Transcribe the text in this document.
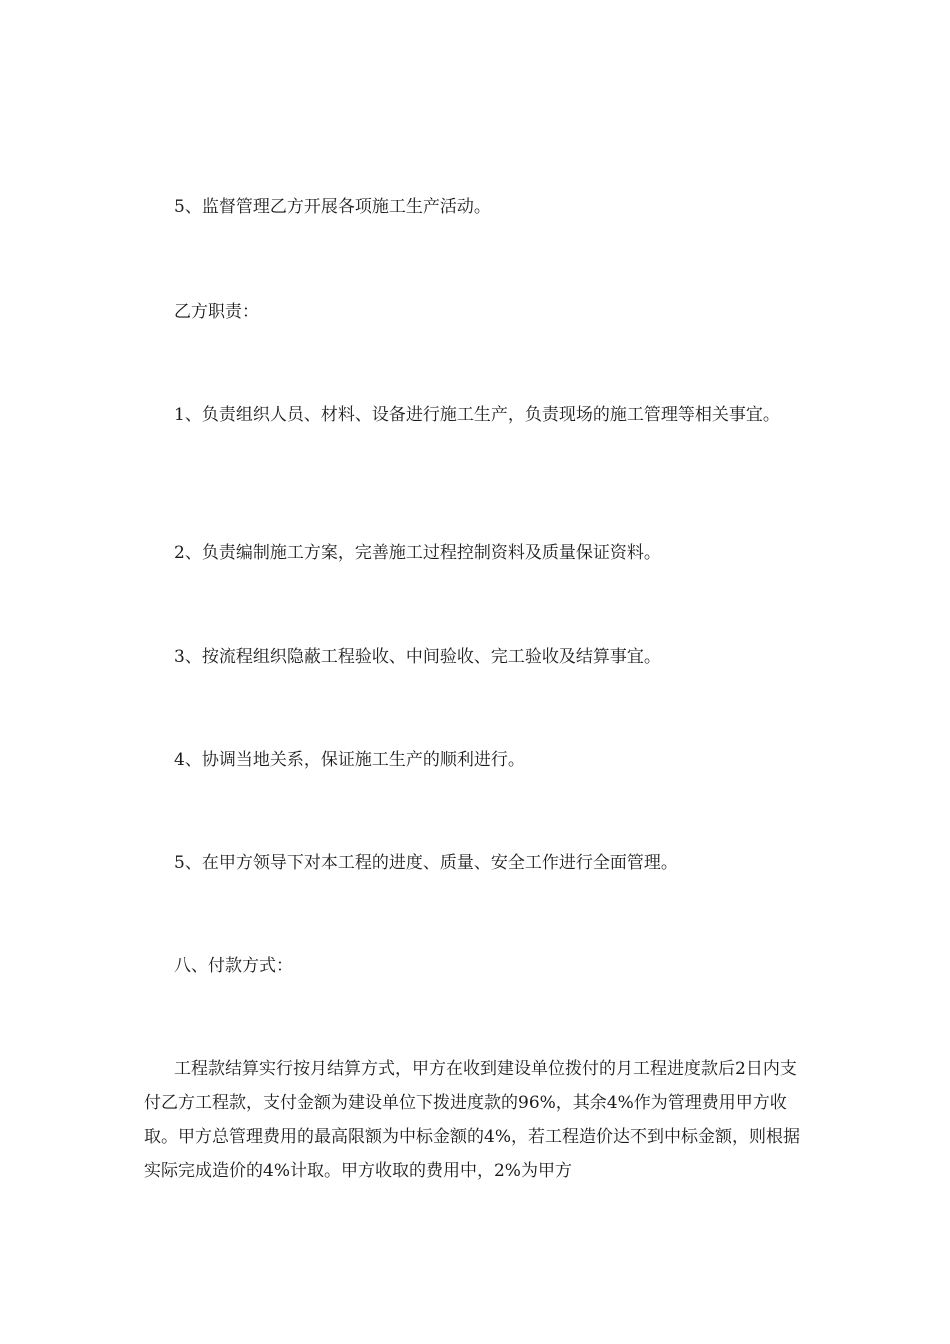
5、监督管理乙方开展各项施工生产活动。

乙方职责：

1、负责组织人员、材料、设备进行施工生产，负责现场的施工管理等相关事宜。

2、负责编制施工方案，完善施工过程控制资料及质量保证资料。

3、按流程组织隐蔽工程验收、中间验收、完工验收及结算事宜。

4、协调当地关系，保证施工生产的顺利进行。

5、在甲方领导下对本工程的进度、质量、安全工作进行全面管理。

八、付款方式：

工程款结算实行按月结算方式，甲方在收到建设单位拨付的月工程进度款后2日内支付乙方工程款，支付金额为建设单位下拨进度款的96%，其余4%作为管理费用甲方收取。甲方总管理费用的最高限额为中标金额的4%，若工程造价达不到中标金额，则根据实际完成造价的4%计取。甲方收取的费用中，2%为甲方
